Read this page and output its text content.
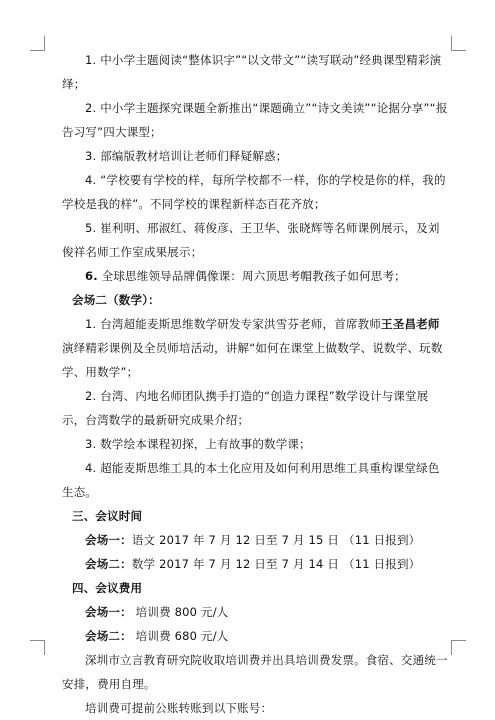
1. 中小学主题阅读“整体识字”“以文带文”“读写联动”经典课型精彩演绎；

2. 中小学主题探究课题全新推出“课题确立”“诗文美读”“论据分享”“报告习写”四大课型；

3. 部编版教材培训让老师们释疑解惑；

4. “学校要有学校的样，每所学校都不一样，你的学校是你的样，我的学校是我的样”。不同学校的课程新样态百花齐放；

5. 崔利明、邢淑红、蒋俊彦、王卫华、张晓辉等名师课例展示，及刘俊祥名师工作室成果展示；

6. 全球思维领导品牌偶像课：周六顶思考帽教孩子如何思考；

会场二（数学）：

1. 台湾超能麦斯思维数学研发专家洪雪芬老师，首席教师王圣昌老师演绎精彩课例及全员师培活动，讲解“如何在课堂上做数学、说数学、玩数学、用数学”；

2. 台湾、内地名师团队携手打造的“创造力课程”数学设计与课堂展示，台湾数学的最新研究成果介绍；

3. 数学绘本课程初探，上有故事的数学课；

4. 超能麦斯思维工具的本土化应用及如何利用思维工具重构课堂绿色生态。

三、会议时间

会场一：语文 2017 年 7 月 12 日至 7 月 15 日 （11 日报到）

会场二：数学 2017 年 7 月 12 日至 7 月 14 日 （11 日报到）

四、会议费用

会场一： 培训费 800 元/人

会场二： 培训费 680 元/人

深圳市立言教育研究院收取培训费并出具培训费发票。食宿、交通统一安排，费用自理。

培训费可提前公账转账到以下账号：
